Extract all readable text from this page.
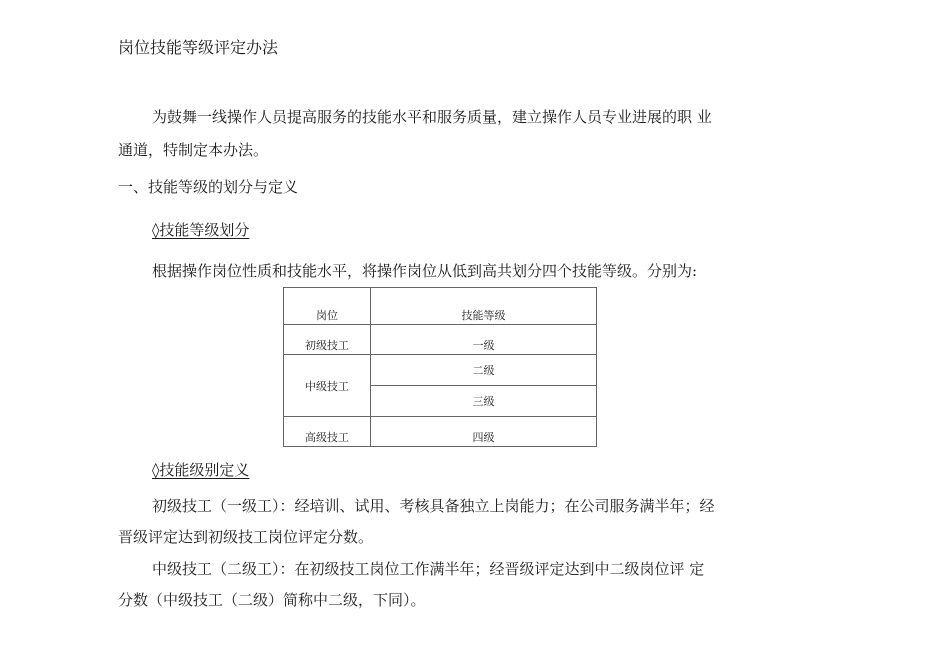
岗位技能等级评定办法
为鼓舞一线操作人员提高服务的技能水平和服务质量，建立操作人员专业进展的职 业
通道，特制定本办法。
一、技能等级的划分与定义
◊技能等级划分
根据操作岗位性质和技能水平，将操作岗位从低到高共划分四个技能等级。分别为:
岗位	技能等级
初级技工	一级
中级技工	二级
	三级
高级技工	四级
◊技能级别定义
初级技工（一级工）：经培训、试用、考核具备独立上岗能力；在公司服务满半年；经
晋级评定达到初级技工岗位评定分数。
中级技工（二级工）：在初级技工岗位工作满半年；经晋级评定达到中二级岗位评 定
分数（中级技工（二级）简称中二级，下同）。
